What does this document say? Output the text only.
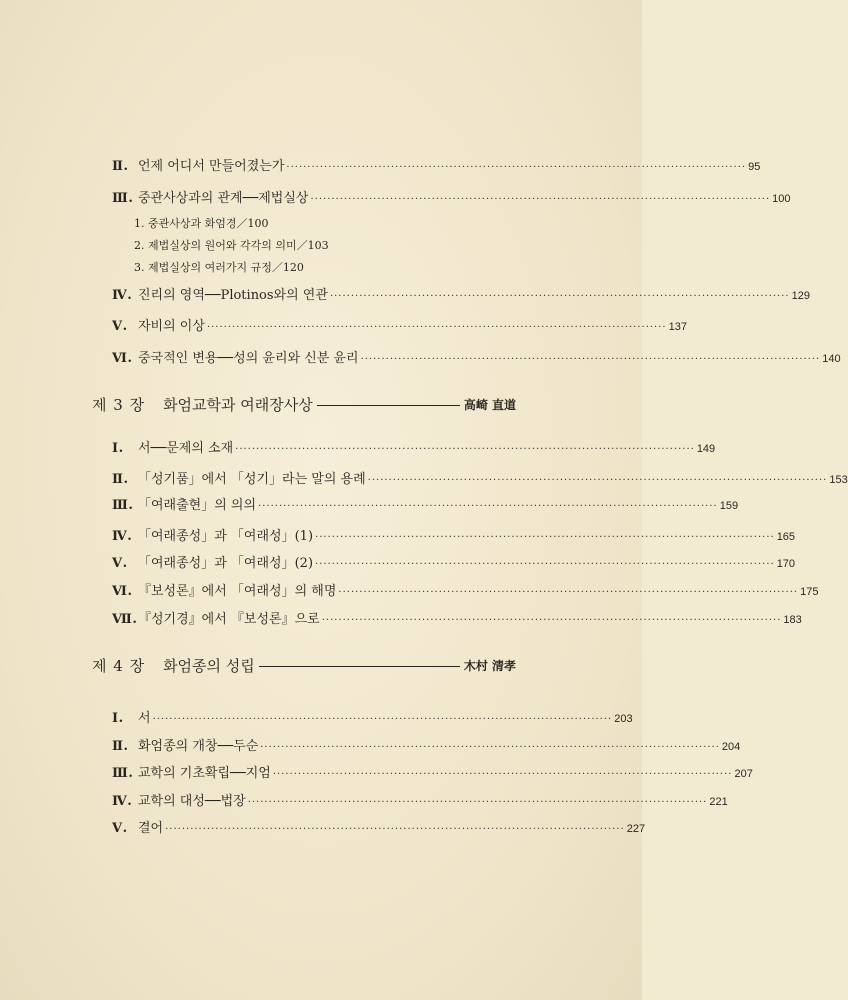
Ⅱ. 언제 어디서 만들어졌는가 ·····	95
Ⅲ. 중관사상과의 관계──제법실상 ·····	100
1. 중관사상과 화엄경／100
2. 제법실상의 원어와 각각의 의미／103
3. 제법실상의 여러가지 규정／120
Ⅳ. 진리의 영역──Plotinos와의 연관 ·····	129
Ⅴ. 자비의 이상 ·····	137
Ⅵ. 중국적인 변용──성의 윤리와 신분 윤리 ·····	140
제 3 장 화엄교학과 여래장사상	高崎 直道
Ⅰ.	서──문제의 소재 ·····	149
Ⅱ. 「성기품」에서 「성기」라는 말의 용례 ·····	153
Ⅲ. 「여래출현」의 의의 ·····	159
Ⅳ. 「여래종성」과 「여래성」(1) ·····	165
Ⅴ. 「여래종성」과 「여래성」(2) ·····	170
Ⅵ. 『보성론』에서 「여래성」의 해명 ·····	175
Ⅶ. 『성기경』에서 『보성론』으로 ·····	183
제 4 장 화엄종의 성립	木村 清孝
Ⅰ.	서 ·····	203
Ⅱ. 화엄종의 개창──두순 ·····	204
Ⅲ. 교학의 기초확립──지엄 ·····	207
Ⅳ. 교학의 대성──법장 ·····	221
Ⅴ. 결어 ·····	227
